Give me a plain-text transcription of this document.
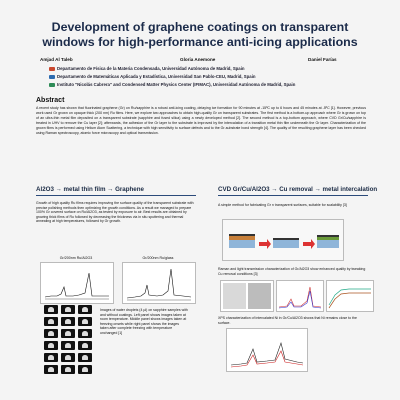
Development of graphene coatings on transparent
windows for high-performance anti-icing applications
Amjad Al Taleb	Gloria Anemone	Daniel Farías
Departamento de Física de la Materia Condensada, Universidad Autónoma de Madrid, Spain
Departamento de Matemáticas Aplicada y Estadística, Universidad San Pablo-CEU, Madrid, Spain
Instituto "Nicolás Cabrera" and Condensed Matter Physics Center (IFIMAC), Universidad Autónoma de Madrid, Spain
Abstract
A recent study has shown that fluorinated graphene (Gr) on Ru/sapphire is a robust anti-icing coating, delaying ice formation for 90 minutes at -15ºC up to 6 hours and 45 minutes at -5ºC [1]. However, previous work used Gr grown on opaque thick (200 nm) Ru films. Here, we explore two approaches to obtain high-quality Gr on transparent substrates. The first method is a bottom-up approach where Gr is grown on top of an ultra-thin metal film deposited on a transparent substrate (sapphire and fused silica) using a newly developed method [2]. The second method is a top-bottom approach, where CVD Gr/Cu/sapphire is treated in UHV to remove the Cu layer [2]; afterwards, the adhesion of the Gr layer to the substrate is improved by the intercalation of a transition metal thin film underneath the Gr layer. Characterization of the grown films is performed using Helium Atom Scattering, a technique with high sensitivity to surface defects and to the Gr-substrate bond strength [4]. The quality of the resulting graphene layer has been checked using Raman spectroscopy, atomic force microscopy and optical transmission.
Al2O3 → metal thin film → Graphene
Growth of high quality Ru films requires improving the surface quality of the transparent substrate with precise polishing methods then optimizing the growth conditions. As a result we managed to prepare 100% Gr covered surface on Ru/Al2O3, as tested by exposure to air. Best results are obtained by growing thick films of Ru followed by decreasing the thickness via in situ sputtering and thermal annealing at high temperatures, followed by Gr growth.
Gr/200nm Ru/Al2O3	Gr/200nm Ru/glass
Images of water droplets (4 µl) on sapphire samples with and without coatings. Left panel shows images taken at room temperature. Middle panel shows images taken at freezing onsets while right panel shows the images taken after complete freezing with temperature unchanged [1]
CVD Gr/Cu/Al2O3 → Cu removal → metal intercalation
A simple method for fabricating Gr n transparent surfaces, suitable for scalability [3]
Raman and light transmission characterization of Gr/Al2O3 show enhanced quality by tweaking Cu removal conditions [3]
XPS characterization of intercalated Ni in Gr/Cu/Al2O3 shows that Ni remains close to the surface.
